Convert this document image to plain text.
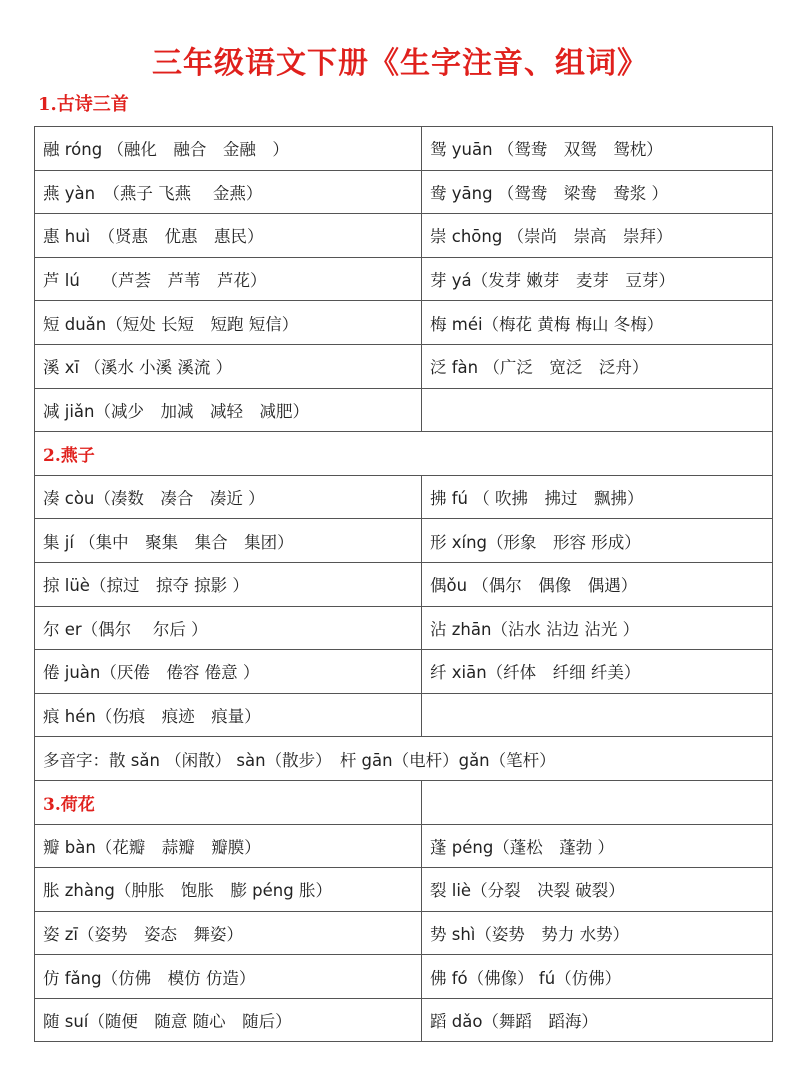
三年级语文下册《生字注音、组词》
1.古诗三首
融 róng （融化　融合　金融　）	鸳 yuān （鸳鸯　双鸳　鸳枕）
燕 yàn　（燕子 飞燕　 金燕）	鸯 yāng （鸳鸯　梁鸯　鸯浆 ）
惠 huì　（贤惠　优惠　惠民）	崇 chōng （崇尚　崇高　崇拜）
芦 lú　 （芦荟　芦苇　芦花）	芽 yá（发芽 嫩芽　麦芽　豆芽）
短 duǎn（短处 长短　短跑 短信）	梅 méi（梅花 黄梅 梅山 冬梅）
溪 xī （溪水 小溪 溪流 ）	泛 fàn （广泛　宽泛　泛舟）
减 jiǎn（减少　加减　减轻　减肥）	
2.燕子	
凑 còu（凑数　凑合　凑近 ）	拂 fú （ 吹拂　拂过　飘拂）
集 jí （集中　聚集　集合　集团）	形 xíng（形象　形容 形成）
掠 lüè（掠过　掠夺 掠影 ）	偶ǒu （偶尔　偶像　偶遇）
尔 er（偶尔　 尔后 ）	沾 zhān（沾水 沾边 沾光 ）
倦 juàn（厌倦　倦容 倦意 ）	纤 xiān（纤体　纤细 纤美）
痕 hén（伤痕　痕迹　痕量）	
多音字：散 sǎn （闲散） sàn（散步）　杆 gān（电杆）gǎn（笔杆）	
3.荷花	
瓣 bàn（花瓣　蒜瓣　瓣膜）	蓬 péng（蓬松　蓬勃 ）
胀 zhàng（肿胀　饱胀　膨 péng 胀）	裂 liè（分裂　决裂 破裂）
姿 zī（姿势　姿态　舞姿）	势 shì（姿势　势力 水势）
仿 fǎng（仿佛　模仿 仿造）	佛 fó（佛像） fú（仿佛）
随 suí（随便　随意 随心　随后）	蹈 dǎo（舞蹈　蹈海）
